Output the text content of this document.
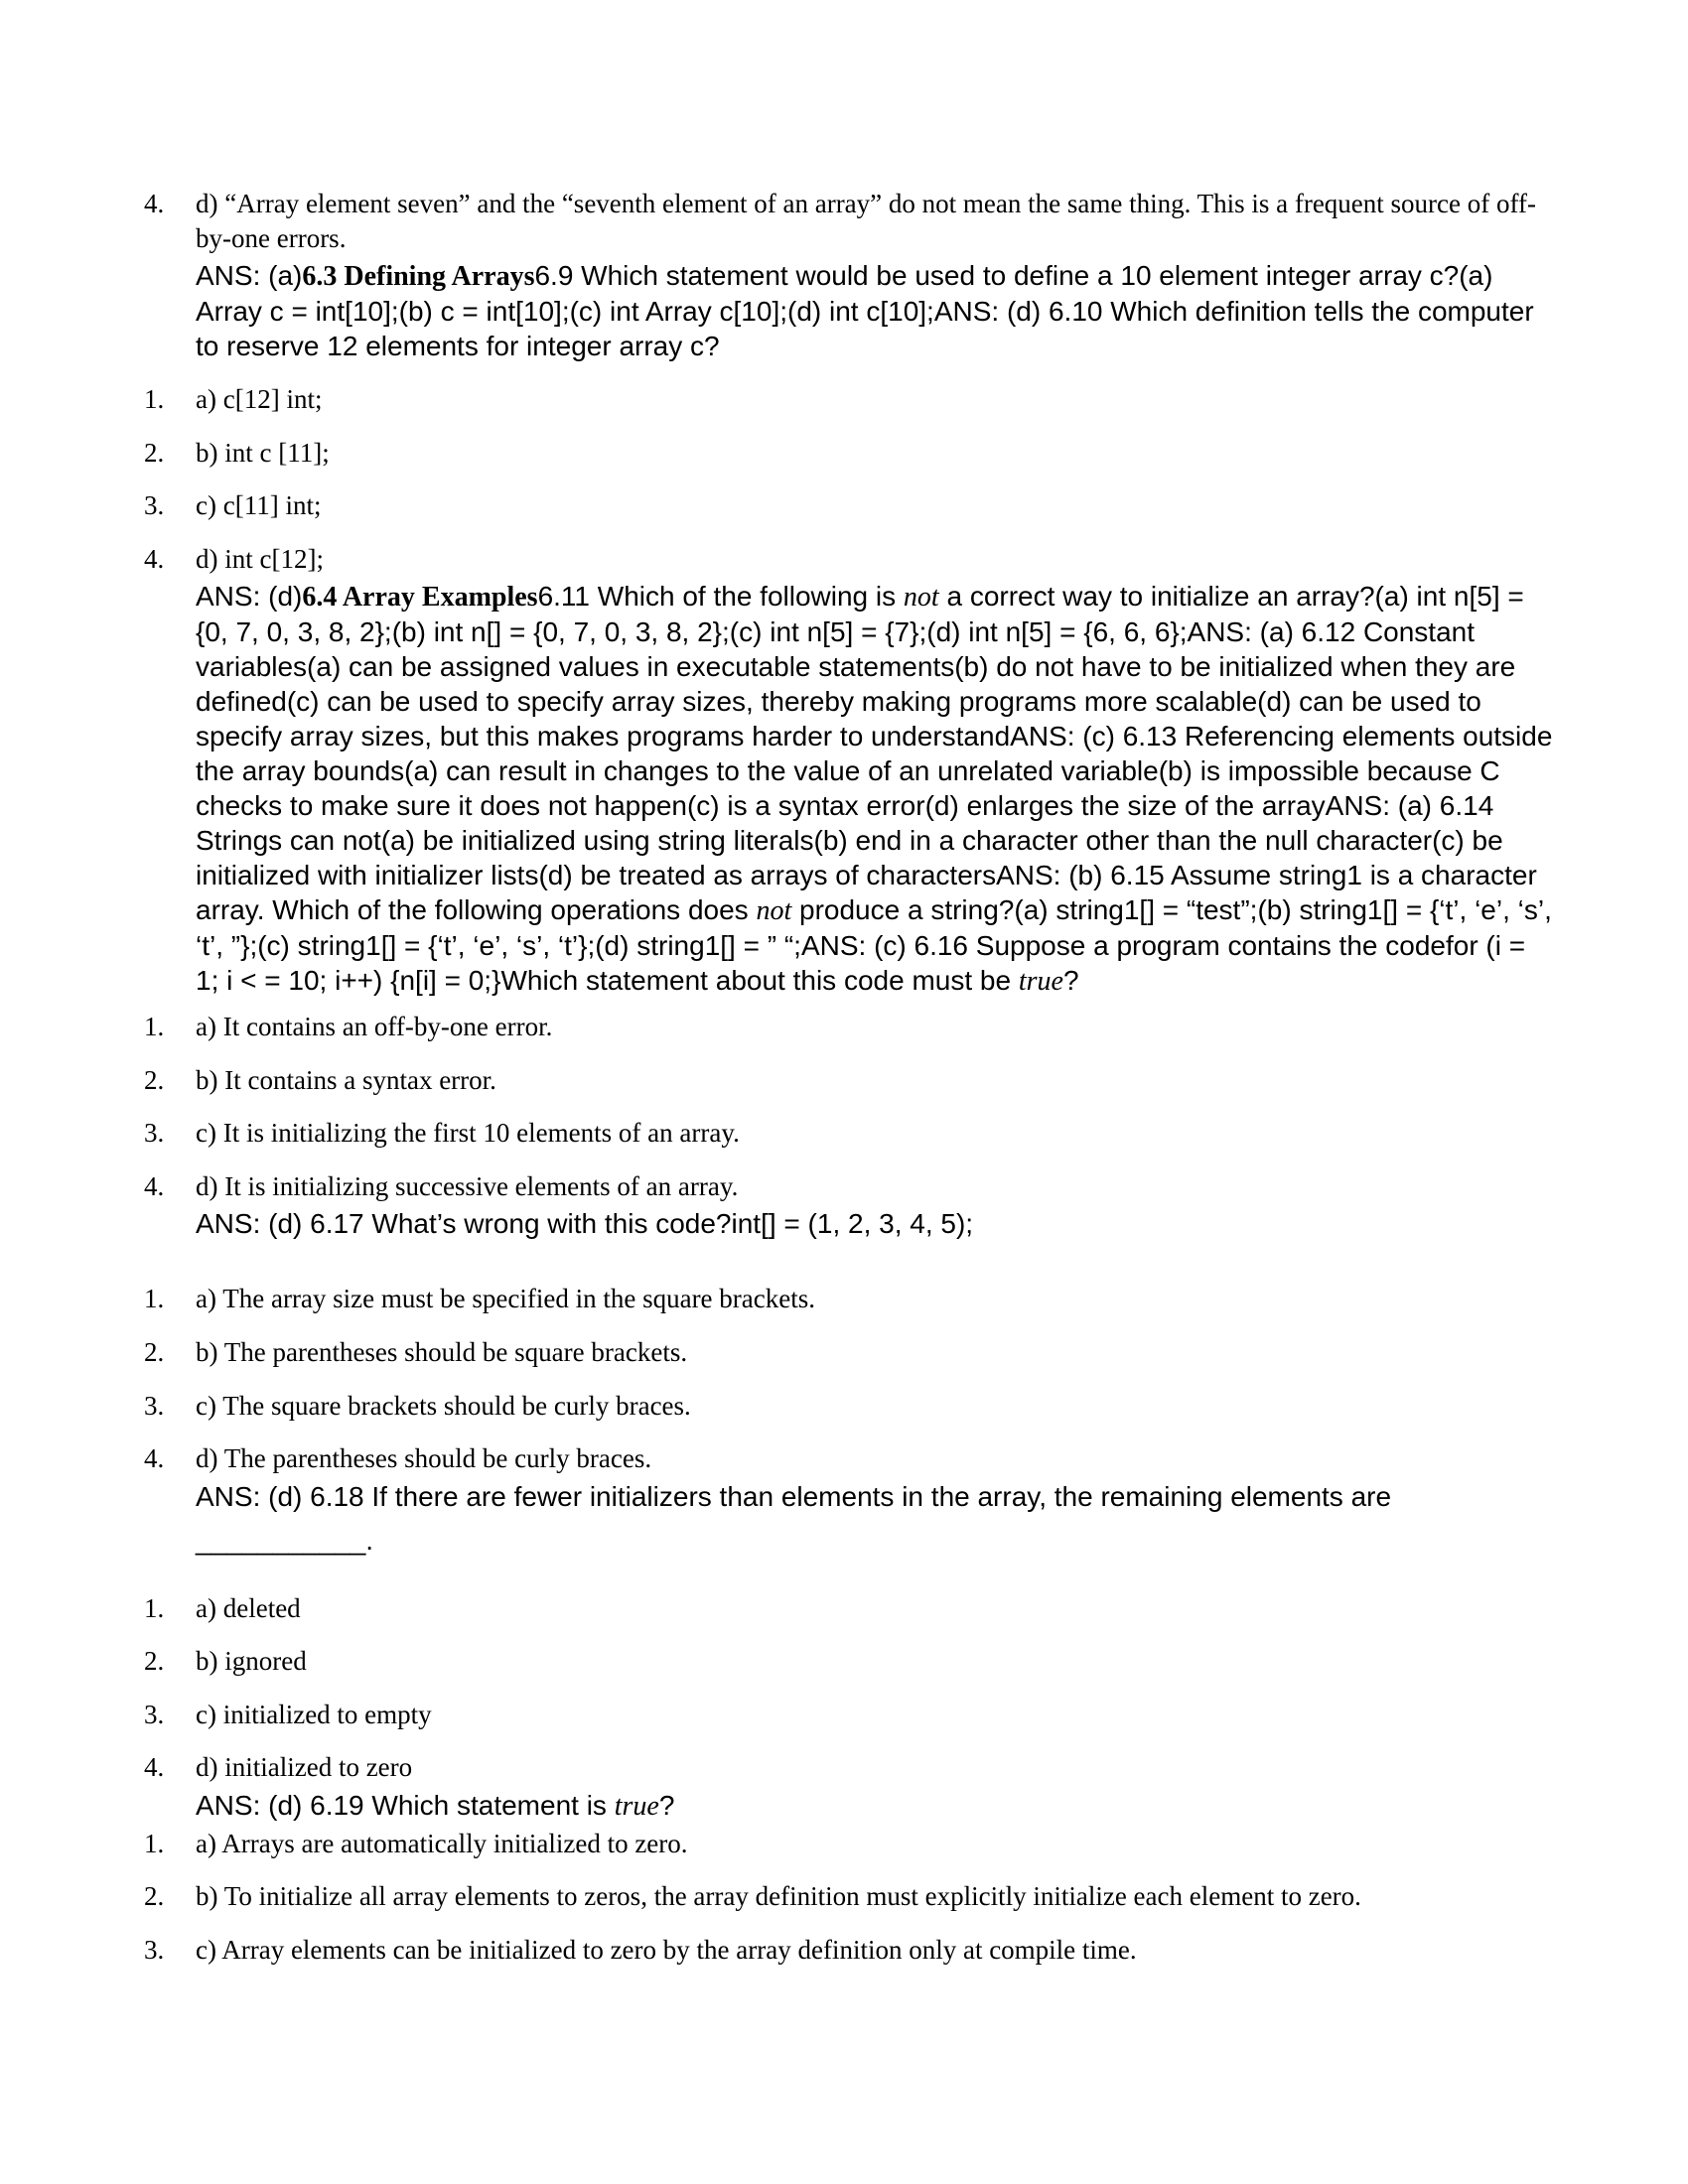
4.	d) “Array element seven” and the “seventh element of an array” do not mean the same thing. This is a frequent source of off-by-one errors.

ANS: (a)6.3 Defining Arrays6.9 Which statement would be used to define a 10 element integer array c?(a) Array c = int[10];(b) c = int[10];(c) int Array c[10];(d) int c[10];ANS: (d) 6.10 Which definition tells the computer to reserve 12 elements for integer array c?

1.	a) c[12] int;
2.	b) int c [11];
3.	c) c[11] int;
4.	d) int c[12];

ANS: (d)6.4 Array Examples6.11 Which of the following is not a correct way to initialize an array?(a) int n[5] = {0, 7, 0, 3, 8, 2};(b) int n[] = {0, 7, 0, 3, 8, 2};(c) int n[5] = {7};(d) int n[5] = {6, 6, 6};ANS: (a) 6.12 Constant variables(a) can be assigned values in executable statements(b) do not have to be initialized when they are defined(c) can be used to specify array sizes, thereby making programs more scalable(d) can be used to specify array sizes, but this makes programs harder to understandANS: (c) 6.13 Referencing elements outside the array bounds(a) can result in changes to the value of an unrelated variable(b) is impossible because C checks to make sure it does not happen(c) is a syntax error(d) enlarges the size of the arrayANS: (a) 6.14 Strings can not(a) be initialized using string literals(b) end in a character other than the null character(c) be initialized with initializer lists(d) be treated as arrays of charactersANS: (b) 6.15 Assume string1 is a character array. Which of the following operations does not produce a string?(a) string1[] = “test”;(b) string1[] = {‘t’, ‘e’, ‘s’, ‘t’, ”};(c) string1[] = {‘t’, ‘e’, ‘s’, ‘t’};(d) string1[] = ” “;ANS: (c) 6.16 Suppose a program contains the codefor (i = 1; i < = 10; i++) {n[i] = 0;}Which statement about this code must be true?

1.	a) It contains an off-by-one error.
2.	b) It contains a syntax error.
3.	c) It is initializing the first 10 elements of an array.
4.	d) It is initializing successive elements of an array.

ANS: (d) 6.17 What’s wrong with this code?int[] = (1, 2, 3, 4, 5);

1.	a) The array size must be specified in the square brackets.
2.	b) The parentheses should be square brackets.
3.	c) The square brackets should be curly braces.
4.	d) The parentheses should be curly braces.

ANS: (d) 6.18 If there are fewer initializers than elements in the array, the remaining elements are
___________.

1.	a) deleted
2.	b) ignored
3.	c) initialized to empty
4.	d) initialized to zero

ANS: (d) 6.19 Which statement is true?

1.	a) Arrays are automatically initialized to zero.
2.	b) To initialize all array elements to zeros, the array definition must explicitly initialize each element to zero.
3.	c) Array elements can be initialized to zero by the array definition only at compile time.
